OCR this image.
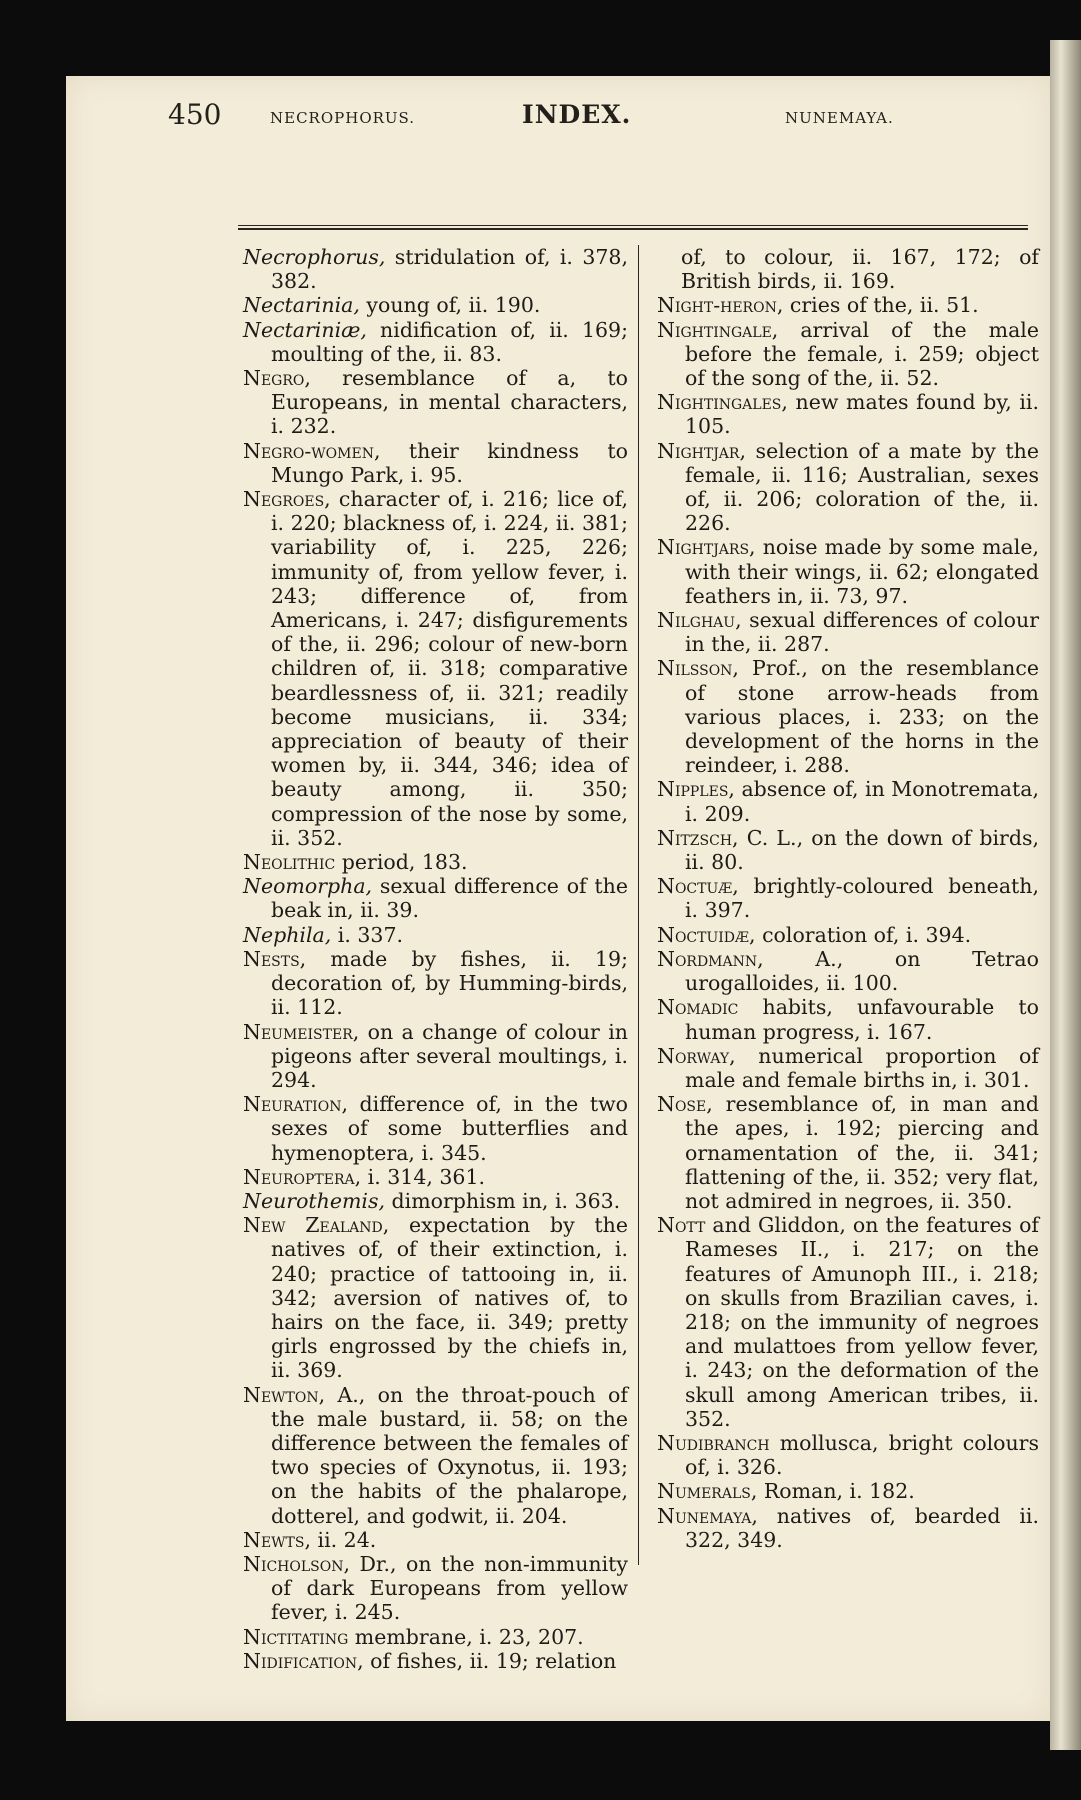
450	NECROPHORUS.	INDEX.	NUNEMAYA.
Necrophorus, stridulation of, i. 378, 382.
Nectarinia, young of, ii. 190.
Nectariniæ, nidification of, ii. 169; moulting of the, ii. 83.
Negro, resemblance of a, to Europeans, in mental characters, i. 232.
Negro-women, their kindness to Mungo Park, i. 95.
Negroes, character of, i. 216; lice of, i. 220; blackness of, i. 224, ii. 381; variability of, i. 225, 226; immunity of, from yellow fever, i. 243; difference of, from Americans, i. 247; disfigurements of the, ii. 296; colour of new-born children of, ii. 318; comparative beardlessness of, ii. 321; readily become musicians, ii. 334; appreciation of beauty of their women by, ii. 344, 346; idea of beauty among, ii. 350; compression of the nose by some, ii. 352.
Neolithic period, 183.
Neomorpha, sexual difference of the beak in, ii. 39.
Nephila, i. 337.
Nests, made by fishes, ii. 19; decoration of, by Humming-birds, ii. 112.
Neumeister, on a change of colour in pigeons after several moultings, i. 294.
Neuration, difference of, in the two sexes of some butterflies and hymenoptera, i. 345.
Neuroptera, i. 314, 361.
Neurothemis, dimorphism in, i. 363.
New Zealand, expectation by the natives of, of their extinction, i. 240; practice of tattooing in, ii. 342; aversion of natives of, to hairs on the face, ii. 349; pretty girls engrossed by the chiefs in, ii. 369.
Newton, A., on the throat-pouch of the male bustard, ii. 58; on the difference between the females of two species of Oxynotus, ii. 193; on the habits of the phalarope, dotterel, and godwit, ii. 204.
Newts, ii. 24.
Nicholson, Dr., on the non-immunity of dark Europeans from yellow fever, i. 245.
Nictitating membrane, i. 23, 207.
Nidification, of fishes, ii. 19; relation
of, to colour, ii. 167, 172; of British birds, ii. 169.
Night-heron, cries of the, ii. 51.
Nightingale, arrival of the male before the female, i. 259; object of the song of the, ii. 52.
Nightingales, new mates found by, ii. 105.
Nightjar, selection of a mate by the female, ii. 116; Australian, sexes of, ii. 206; coloration of the, ii. 226.
Nightjars, noise made by some male, with their wings, ii. 62; elongated feathers in, ii. 73, 97.
Nilghau, sexual differences of colour in the, ii. 287.
Nilsson, Prof., on the resemblance of stone arrow-heads from various places, i. 233; on the development of the horns in the reindeer, i. 288.
Nipples, absence of, in Monotremata, i. 209.
Nitzsch, C. L., on the down of birds, ii. 80.
Noctuæ, brightly-coloured beneath, i. 397.
Noctuidæ, coloration of, i. 394.
Nordmann, A., on Tetrao urogalloides, ii. 100.
Nomadic habits, unfavourable to human progress, i. 167.
Norway, numerical proportion of male and female births in, i. 301.
Nose, resemblance of, in man and the apes, i. 192; piercing and ornamentation of the, ii. 341; flattening of the, ii. 352; very flat, not admired in negroes, ii. 350.
Nott and Gliddon, on the features of Rameses II., i. 217; on the features of Amunoph III., i. 218; on skulls from Brazilian caves, i. 218; on the immunity of negroes and mulattoes from yellow fever, i. 243; on the deformation of the skull among American tribes, ii. 352.
Nudibranch mollusca, bright colours of, i. 326.
Numerals, Roman, i. 182.
Nunemaya, natives of, bearded ii. 322, 349.
